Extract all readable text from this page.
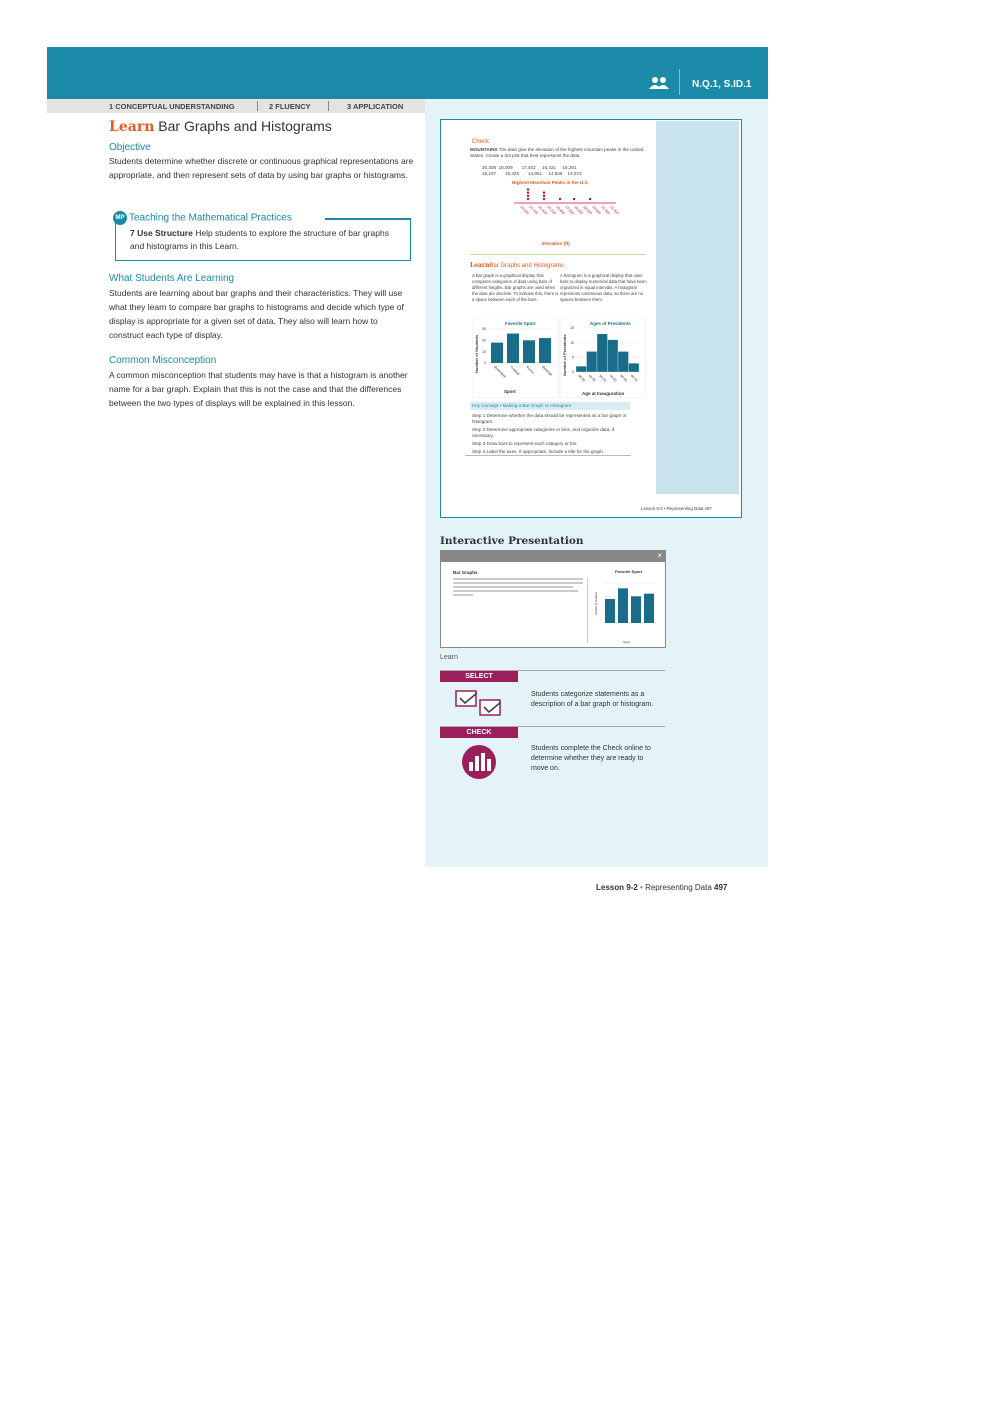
N.Q.1, S.ID.1
1 CONCEPTUAL UNDERSTANDING	2 FLUENCY	3 APPLICATION
Learn Bar Graphs and Histograms
Objective
Students determine whether discrete or continuous graphical representations are appropriate, and then represent sets of data by using bar graphs or histograms.
MP Teaching the Mathematical Practices
7 Use Structure Help students to explore the structure of bar graphs and histograms in this Learn.
What Students Are Learning
Students are learning about bar graphs and their characteristics. They will use what they learn to compare bar graphs to histograms and decide which type of display is appropriate for a given set of data. They also will learn how to construct each type of display.
Common Misconception
A common misconception that students may have is that a histogram is another name for a bar graph. Explain that this is not the case and that the differences between the two types of displays will be explained in this lesson.
Check
MOUNTAINS The data give the elevation of the highest mountain peaks in the United States. Create a dot plot that best represents the data.
20,308  18,009       17,402     16,421     16,391
16,237       15,325       14,951     14,829    14,573
Highest Mountain Peaks in the U.S.
14,000
14,700
15,400
16,100
16,800
17,500
18,200
18,900
19,600
20,300
21,000
Elevation (ft)
LearnBar Graphs and Histograms
A bar graph is a graphical display that compares categories of data using bars of different heights. Bar graphs are used when the data are discrete. To indicate this, there is a space between each of the bars.
A histogram is a graphical display that uses bars to display numerical data that have been organized in equal intervals. A histogram represents continuous data, so there are no spaces between them.
Favorite Sport	Ages of Presidents
Sport	Age at Inauguration
Number of Students	Number of Presidents
30
20
10
0
Basketball Football Soccer Baseball
15
10
5
0
40-45 45-50 50-55 55-60 60-65 65-70
Key Concept • Making a Bar Graph or Histogram
Step 1 Determine whether the data should be represented as a bar graph or histogram.
Step 2 Determine appropriate categories or bins, and organize data, if necessary.
Step 3 Draw bars to represent each category or bin.
Step 4 Label the axes. If appropriate, include a title for the graph.
Lesson 9-2 • Representing Data 497
Interactive Presentation
×
Bar Graphs	Favorite Sport
Sport
Number of Students
Learn
SELECT
Students categorize statements as a description of a bar graph or histogram.
CHECK
Students complete the Check online to determine whether they are ready to move on.
Lesson 9-2 • Representing Data 497
